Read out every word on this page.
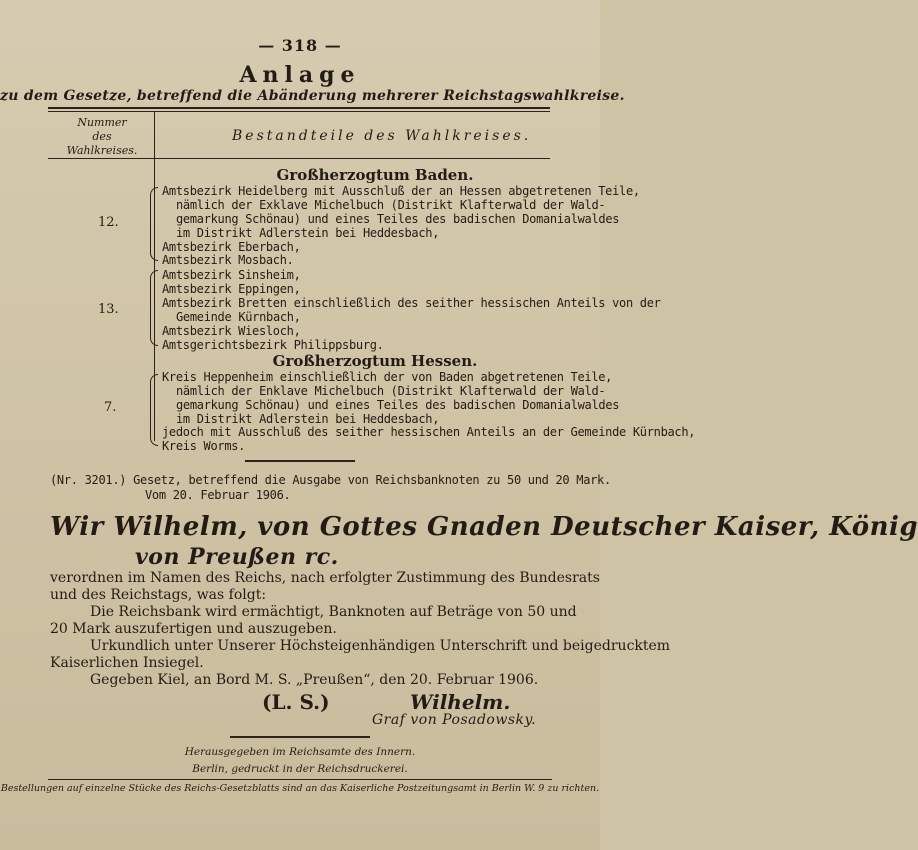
— 318 —
Anlage
zu dem Gesetze, betreffend die Abänderung mehrerer Reichstagswahlkreise.
Nummer
des
Wahlkreises.
Bestandteile des Wahlkreises.
Großherzogtum Baden.
12.
Amtsbezirk Heidelberg mit Ausschluß der an Hessen abgetretenen Teile,
nämlich der Exklave Michelbuch (Distrikt Klafterwald der Wald-
gemarkung Schönau) und eines Teiles des badischen Domanialwaldes
im Distrikt Adlerstein bei Heddesbach,
Amtsbezirk Eberbach,
Amtsbezirk Mosbach.
13.
Amtsbezirk Sinsheim,
Amtsbezirk Eppingen,
Amtsbezirk Bretten einschließlich des seither hessischen Anteils von der
Gemeinde Kürnbach,
Amtsbezirk Wiesloch,
Amtsgerichtsbezirk Philippsburg.
Großherzogtum Hessen.
7.
Kreis Heppenheim einschließlich der von Baden abgetretenen Teile,
nämlich der Enklave Michelbuch (Distrikt Klafterwald der Wald-
gemarkung Schönau) und eines Teiles des badischen Domanialwaldes
im Distrikt Adlerstein bei Heddesbach,
jedoch mit Ausschluß des seither hessischen Anteils an der Gemeinde Kürnbach,
Kreis Worms.
(Nr. 3201.) Gesetz, betreffend die Ausgabe von Reichsbanknoten zu 50 und 20 Mark.
Vom 20. Februar 1906.
Wir Wilhelm, von Gottes Gnaden Deutscher Kaiser, König
von Preußen rc.
verordnen im Namen des Reichs, nach erfolgter Zustimmung des Bundesrats
und des Reichstags, was folgt:
Die Reichsbank wird ermächtigt, Banknoten auf Beträge von 50 und
20 Mark auszufertigen und auszugeben.
Urkundlich unter Unserer Höchsteigenhändigen Unterschrift und beigedrucktem
Kaiserlichen Insiegel.
Gegeben Kiel, an Bord M. S. „Preußen“, den 20. Februar 1906.
(L. S.)	Wilhelm.
Graf von Posadowsky.
Herausgegeben im Reichsamte des Innern.
Berlin, gedruckt in der Reichsdruckerei.
Bestellungen auf einzelne Stücke des Reichs-Gesetzblatts sind an das Kaiserliche Postzeitungsamt in Berlin W. 9 zu richten.
